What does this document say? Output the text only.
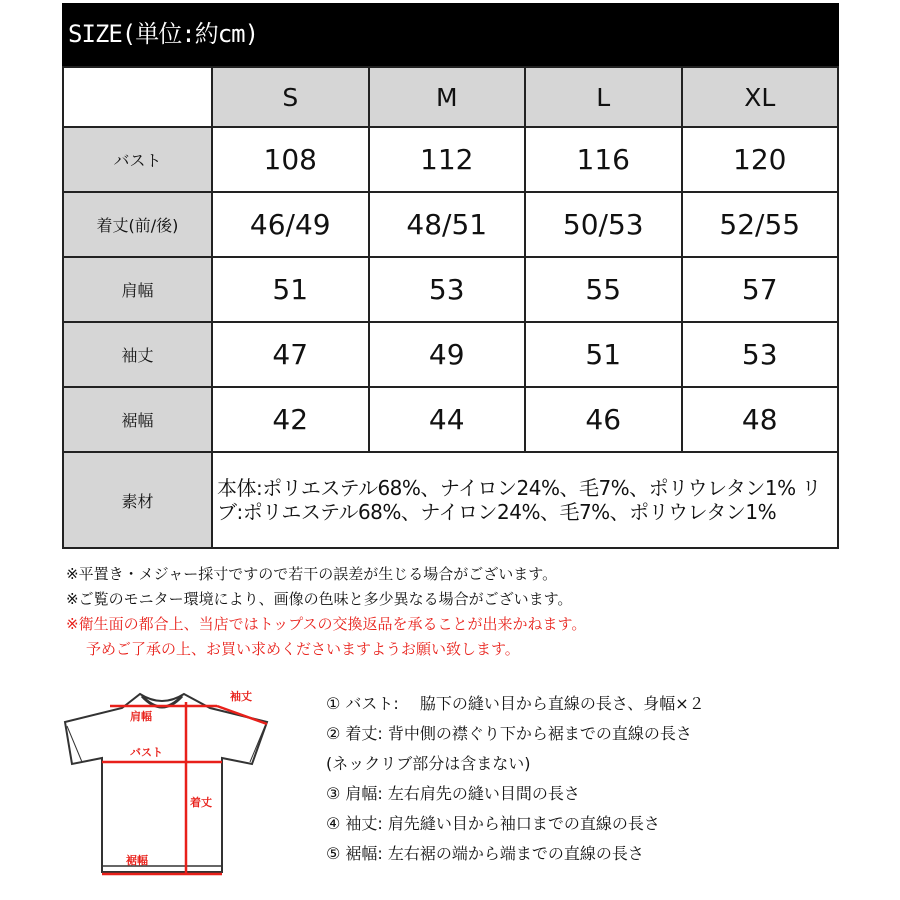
SIZE(単位:約cm)
	S	M	L	XL
バスト	108	112	116	120
着丈(前/後)	46/49	48/51	50/53	52/55
肩幅	51	53	55	57
袖丈	47	49	51	53
裾幅	42	44	46	48
素材	本体:ポリエステル68%、ナイロン24%、毛7%、ポリウレタン1% リブ:ポリエステル68%、ナイロン24%、毛7%、ポリウレタン1%			
※平置き・メジャー採寸ですので若干の誤差が生じる場合がございます。
※ご覧のモニター環境により、画像の色味と多少異なる場合がございます。
※衛生面の都合上、当店ではトップスの交換返品を承ることが出来かねます。
予めご了承の上、お買い求めくださいますようお願い致します。
袖丈
肩幅
バスト
着丈
裾幅
① バスト:　 脇下の縫い目から直線の長さ、身幅×２
② 着丈: 背中側の襟ぐり下から裾までの直線の長さ
(ネックリブ部分は含まない)
③ 肩幅: 左右肩先の縫い目間の長さ
④ 袖丈: 肩先縫い目から袖口までの直線の長さ
⑤ 裾幅: 左右裾の端から端までの直線の長さ
